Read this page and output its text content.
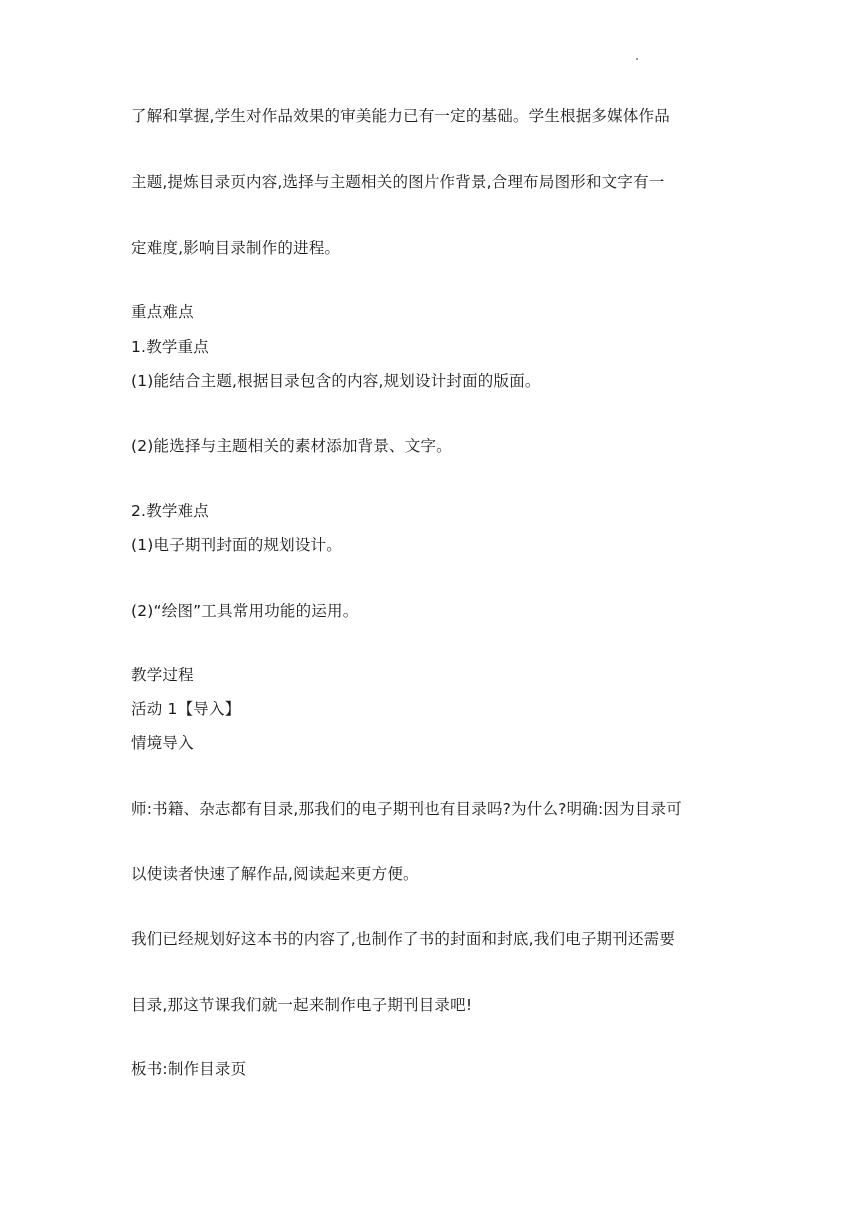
了解和掌握,学生对作品效果的审美能力已有一定的基础。学生根据多媒体作品
主题,提炼目录页内容,选择与主题相关的图片作背景,合理布局图形和文字有一
定难度,影响目录制作的进程。
重点难点
1.教学重点
(1)能结合主题,根据目录包含的内容,规划设计封面的版面。
(2)能选择与主题相关的素材添加背景、文字。
2.教学难点
(1)电子期刊封面的规划设计。
(2)“绘图”工具常用功能的运用。
教学过程
活动 1【导入】
情境导入
师:书籍、杂志都有目录,那我们的电子期刊也有目录吗?为什么?明确:因为目录可
以使读者快速了解作品,阅读起来更方便。
我们已经规划好这本书的内容了,也制作了书的封面和封底,我们电子期刊还需要
目录,那这节课我们就一起来制作电子期刊目录吧!
板书:制作目录页
